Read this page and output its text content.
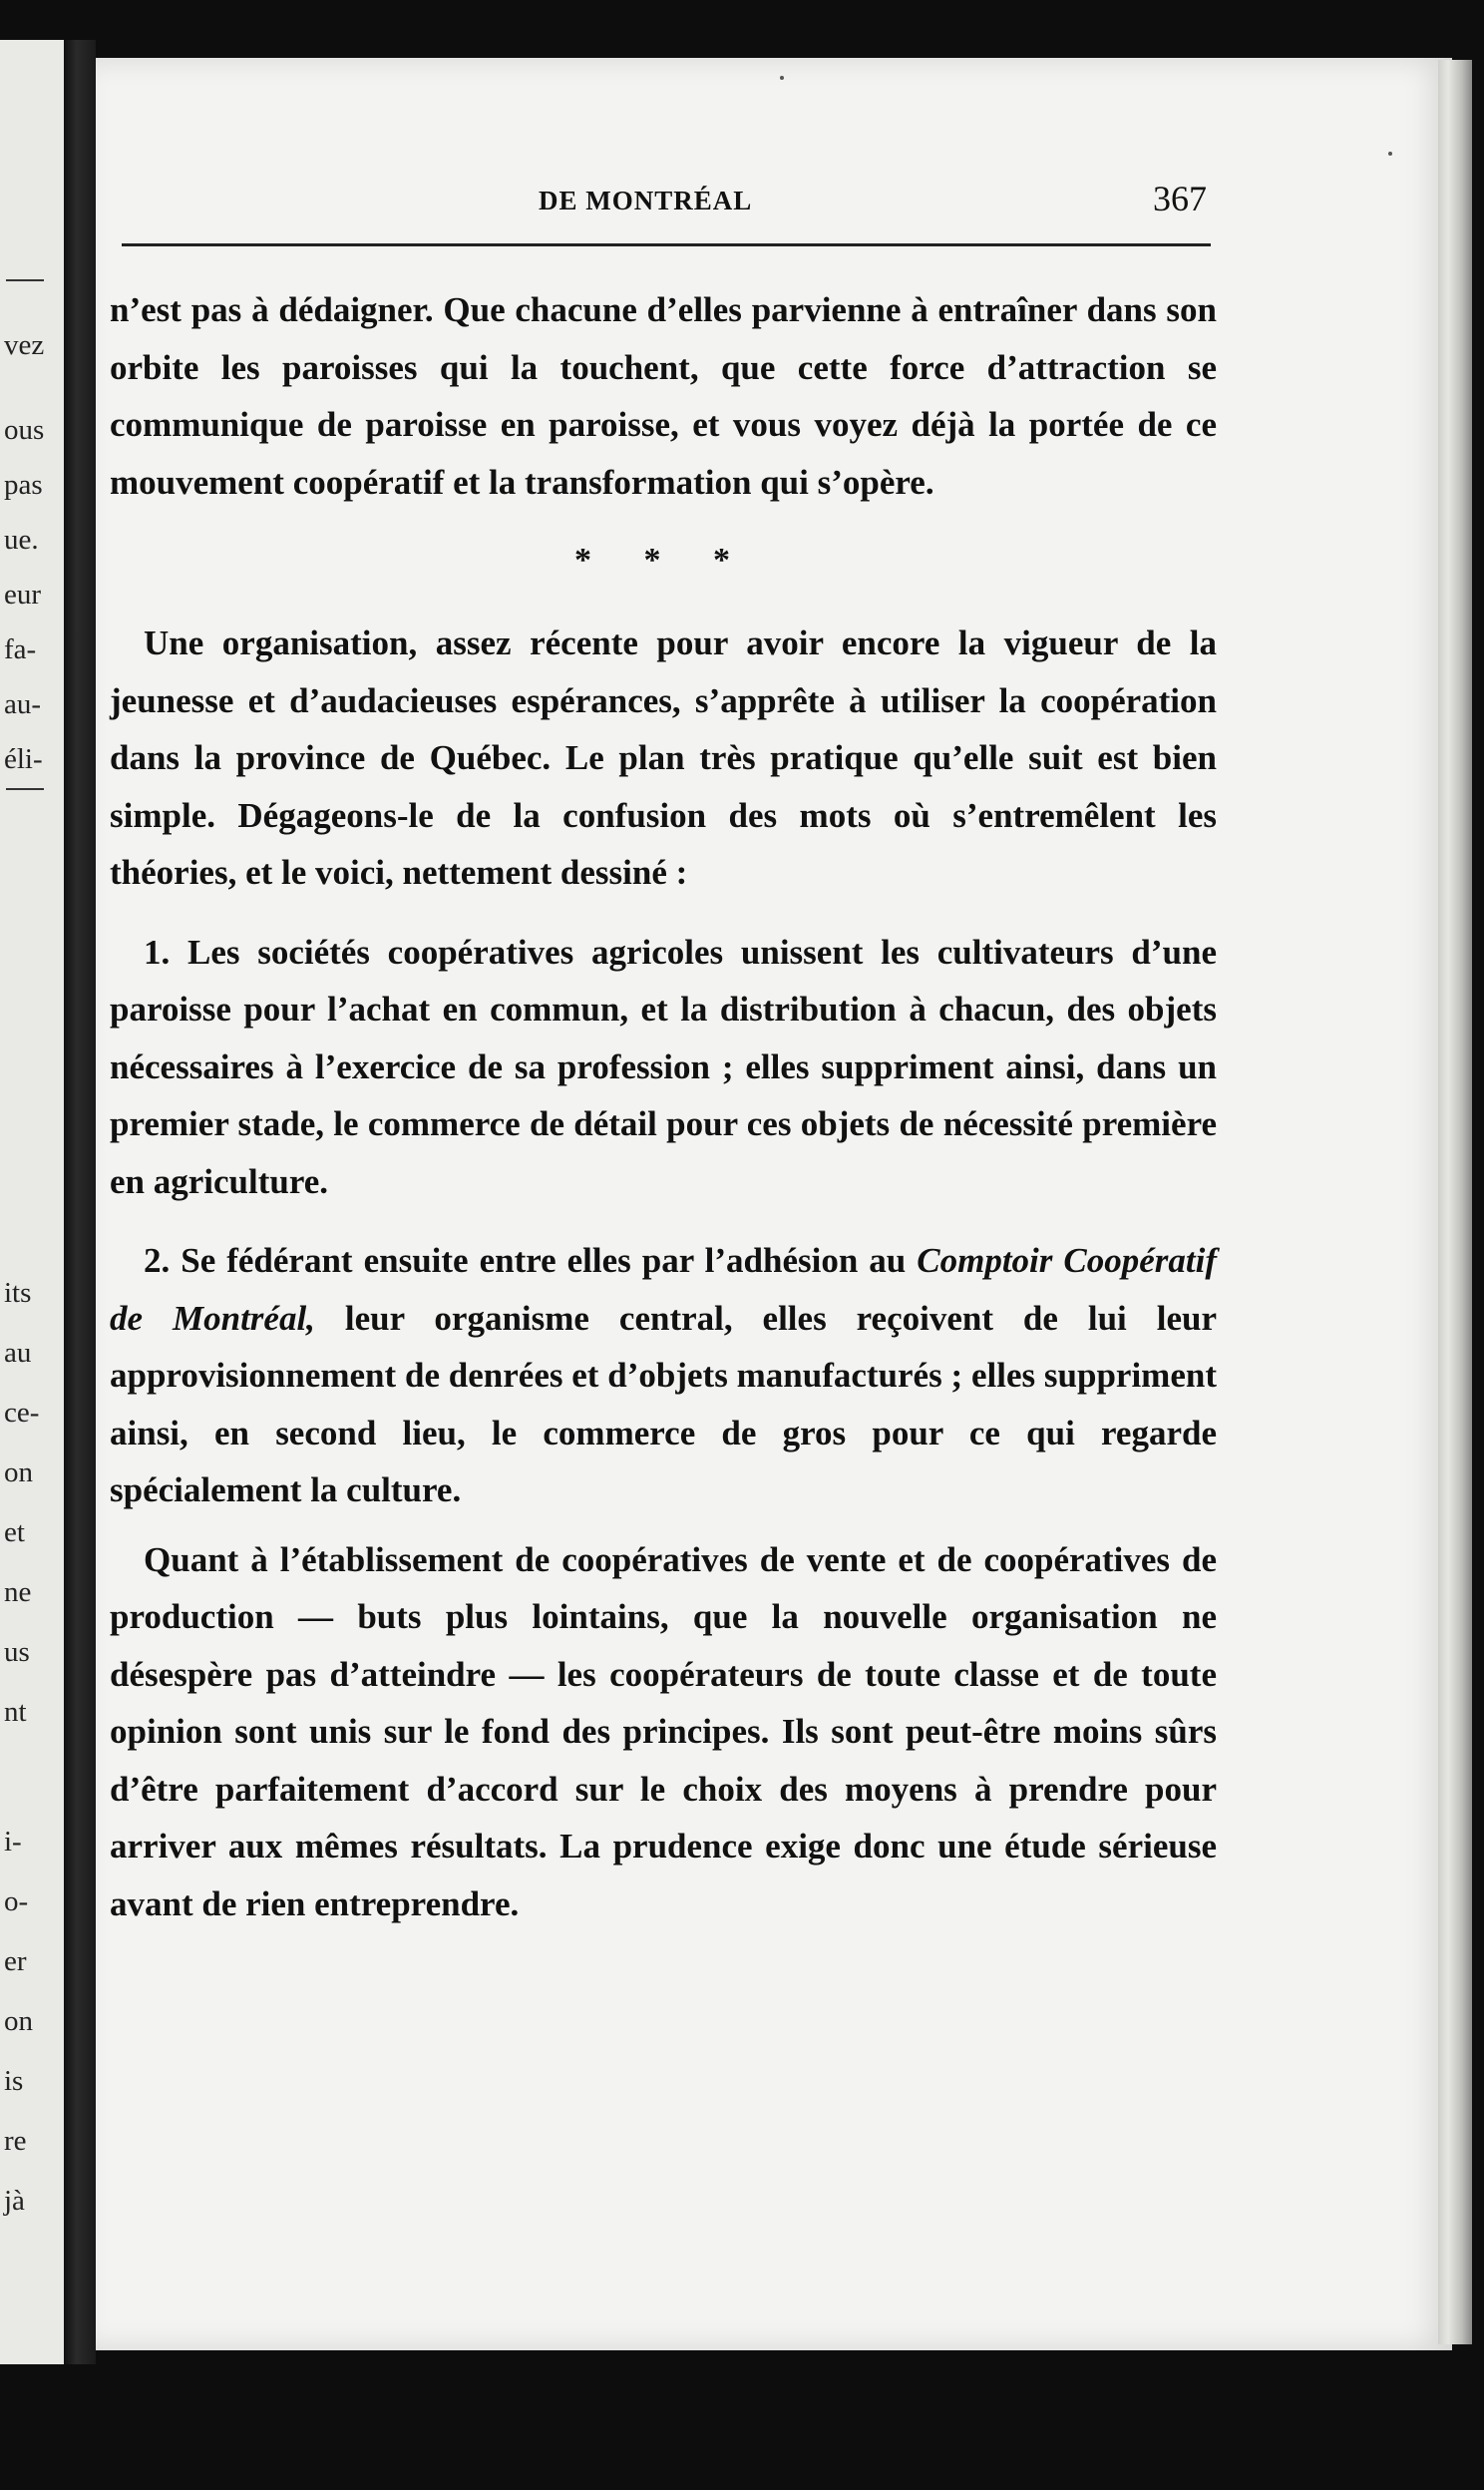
vez
ous
pas
ue.
eur
fa-
au-
éli-
its
au
ce-
on
et
ne
us
nt
i-
o-
er
on
is
re
jà
DE MONTRÉAL	367

n’est pas à dédaigner. Que chacune d’elles parvienne à entraîner dans son orbite les paroisses qui la touchent, que cette force d’attraction se communique de paroisse en paroisse, et vous voyez déjà la portée de ce mouvement coopératif et la transformation qui s’opère.

* * *

Une organisation, assez récente pour avoir encore la vigueur de la jeunesse et d’audacieuses espérances, s’apprête à utiliser la coopération dans la province de Québec. Le plan très pratique qu’elle suit est bien simple. Dégageons-le de la confusion des mots où s’entremêlent les théories, et le voici, nettement dessiné :

1. Les sociétés coopératives agricoles unissent les cultivateurs d’une paroisse pour l’achat en commun, et la distribution à chacun, des objets nécessaires à l’exercice de sa profession ; elles suppriment ainsi, dans un premier stade, le commerce de détail pour ces objets de nécessité première en agriculture.

2. Se fédérant ensuite entre elles par l’adhésion au Comptoir Coopératif de Montréal, leur organisme central, elles reçoivent de lui leur approvisionnement de denrées et d’objets manufacturés ; elles suppriment ainsi, en second lieu, le commerce de gros pour ce qui regarde spécialement la culture.

Quant à l’établissement de coopératives de vente et de coopératives de production — buts plus lointains, que la nouvelle organisation ne désespère pas d’atteindre — les coopérateurs de toute classe et de toute opinion sont unis sur le fond des principes. Ils sont peut-être moins sûrs d’être parfaitement d’accord sur le choix des moyens à prendre pour arriver aux mêmes résultats. La prudence exige donc une étude sérieuse avant de rien entreprendre.
